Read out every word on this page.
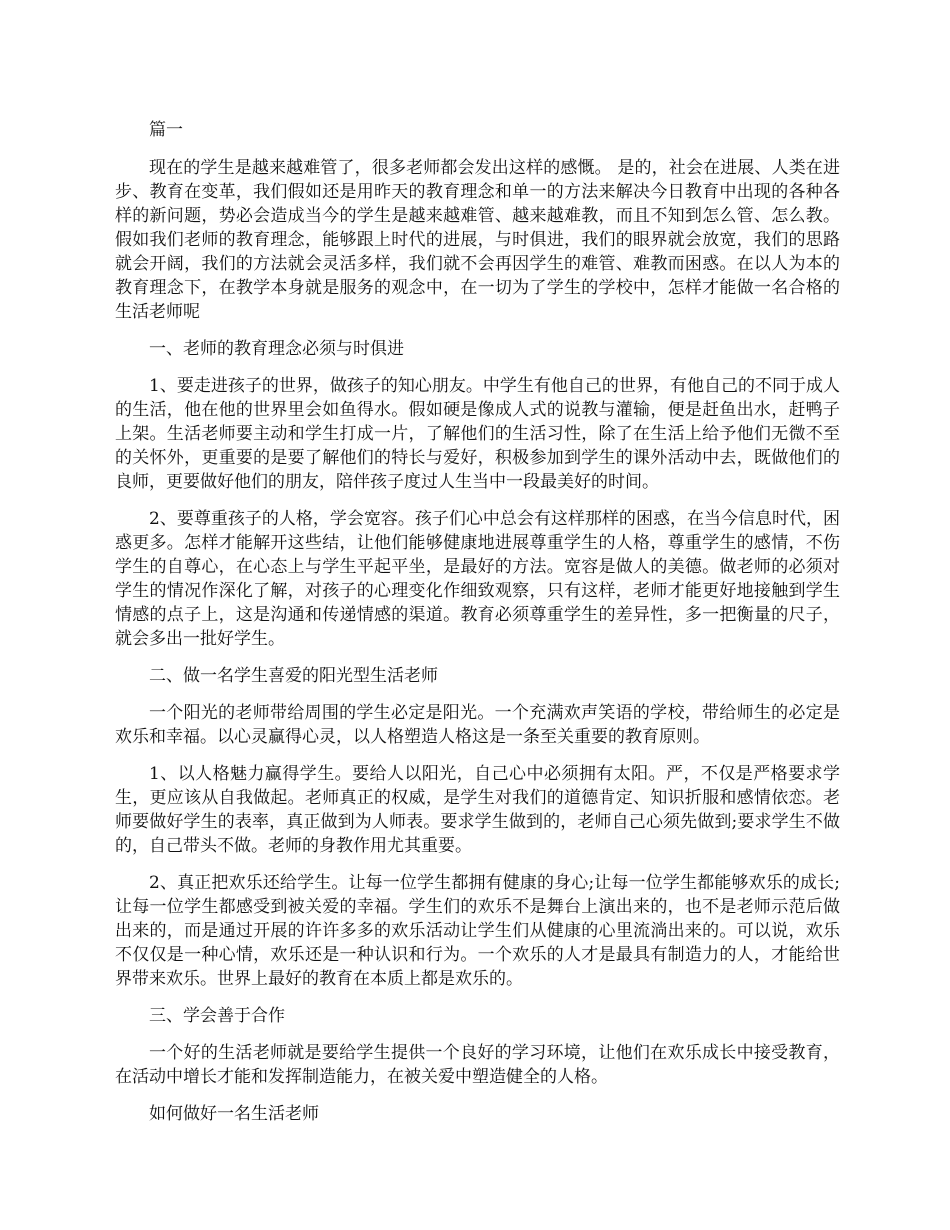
篇一

现在的学生是越来越难管了，很多老师都会发出这样的感慨。 是的，社会在进展、人类在进步、教育在变革，我们假如还是用昨天的教育理念和单一的方法来解决今日教育中出现的各种各样的新问题，势必会造成当今的学生是越来越难管、越来越难教，而且不知到怎么管、怎么教。假如我们老师的教育理念，能够跟上时代的进展，与时俱进，我们的眼界就会放宽，我们的思路就会开阔，我们的方法就会灵活多样，我们就不会再因学生的难管、难教而困惑。在以人为本的教育理念下，在教学本身就是服务的观念中，在一切为了学生的学校中，怎样才能做一名合格的生活老师呢

一、老师的教育理念必须与时俱进

1、要走进孩子的世界，做孩子的知心朋友。中学生有他自己的世界，有他自己的不同于成人的生活，他在他的世界里会如鱼得水。假如硬是像成人式的说教与灌输，便是赶鱼出水，赶鸭子上架。生活老师要主动和学生打成一片，了解他们的生活习性，除了在生活上给予他们无微不至的关怀外，更重要的是要了解他们的特长与爱好，积极参加到学生的课外活动中去，既做他们的良师，更要做好他们的朋友，陪伴孩子度过人生当中一段最美好的时间。

2、要尊重孩子的人格，学会宽容。孩子们心中总会有这样那样的困惑，在当今信息时代，困惑更多。怎样才能解开这些结，让他们能够健康地进展尊重学生的人格，尊重学生的感情，不伤学生的自尊心，在心态上与学生平起平坐，是最好的方法。宽容是做人的美德。做老师的必须对学生的情况作深化了解，对孩子的心理变化作细致观察，只有这样，老师才能更好地接触到学生情感的点子上，这是沟通和传递情感的渠道。教育必须尊重学生的差异性，多一把衡量的尺子，就会多出一批好学生。

二、做一名学生喜爱的阳光型生活老师

一个阳光的老师带给周围的学生必定是阳光。一个充满欢声笑语的学校，带给师生的必定是欢乐和幸福。以心灵赢得心灵，以人格塑造人格这是一条至关重要的教育原则。

1、以人格魅力赢得学生。要给人以阳光，自己心中必须拥有太阳。严，不仅是严格要求学生，更应该从自我做起。老师真正的权威，是学生对我们的道德肯定、知识折服和感情依恋。老师要做好学生的表率，真正做到为人师表。要求学生做到的，老师自己心须先做到;要求学生不做的，自己带头不做。老师的身教作用尤其重要。

2、真正把欢乐还给学生。让每一位学生都拥有健康的身心;让每一位学生都能够欢乐的成长;让每一位学生都感受到被关爱的幸福。学生们的欢乐不是舞台上演出来的，也不是老师示范后做出来的，而是通过开展的许许多多的欢乐活动让学生们从健康的心里流淌出来的。可以说，欢乐不仅仅是一种心情，欢乐还是一种认识和行为。一个欢乐的人才是最具有制造力的人，才能给世界带来欢乐。世界上最好的教育在本质上都是欢乐的。

三、学会善于合作

一个好的生活老师就是要给学生提供一个良好的学习环境，让他们在欢乐成长中接受教育，在活动中增长才能和发挥制造能力，在被关爱中塑造健全的人格。

如何做好一名生活老师
